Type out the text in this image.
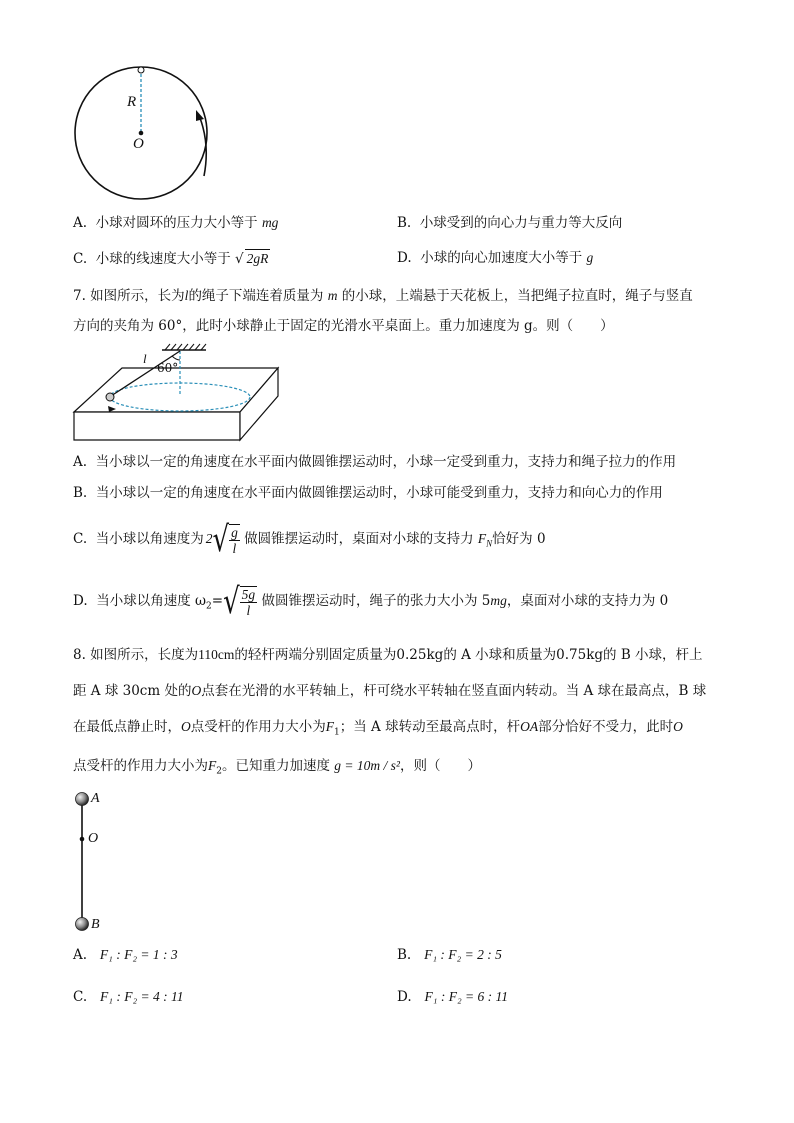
R
O
A. 小球对圆环的压力大小等于 mg	B. 小球受到的向心力与重力等大反向
C. 小球的线速度大小等于 √ 2gR	D. 小球的向心加速度大小等于 g
7. 如图所示，长为l的绳子下端连着质量为 m 的小球，上端悬于天花板上，当把绳子拉直时，绳子与竖直
方向的夹角为 60°，此时小球静止于固定的光滑水平桌面上。重力加速度为 g。则（　　）
l
60°
A. 当小球以一定的角速度在水平面内做圆锥摆运动时，小球一定受到重力，支持力和绳子拉力的作用
B. 当小球以一定的角速度在水平面内做圆锥摆运动时，小球可能受到重力，支持力和向心力的作用
C. 当小球以角速度为 $2√ \frac{g}{l}$ 做圆锥摆运动时，桌面对小球的支持力 $F_N$恰好为 0
D. 当小球以角速度 $\omega_2=√ \frac{5g}{l}$ 做圆锥摆运动时，绳子的张力大小为 5mg，桌面对小球的支持力为 0
8. 如图所示，长度为110cm的轻杆两端分别固定质量为0.25kg的 A 小球和质量为0.75kg的 B 小球，杆上
距 A 球 30cm 处的O点套在光滑的水平转轴上，杆可绕水平转轴在竖直面内转动。当 A 球在最高点，B 球
在最低点静止时，O点受杆的作用力大小为$F_1$；当 A 球转动至最高点时，杆OA部分恰好不受力，此时O
点受杆的作用力大小为$F_2$。已知重力加速度 g = 10m / s²，则（　　）
A
O
B
A. F₁ : F₂ = 1 : 3	B. F₁ : F₂ = 2 : 5
C. F₁ : F₂ = 4 : 11	D. F₁ : F₂ = 6 : 11
